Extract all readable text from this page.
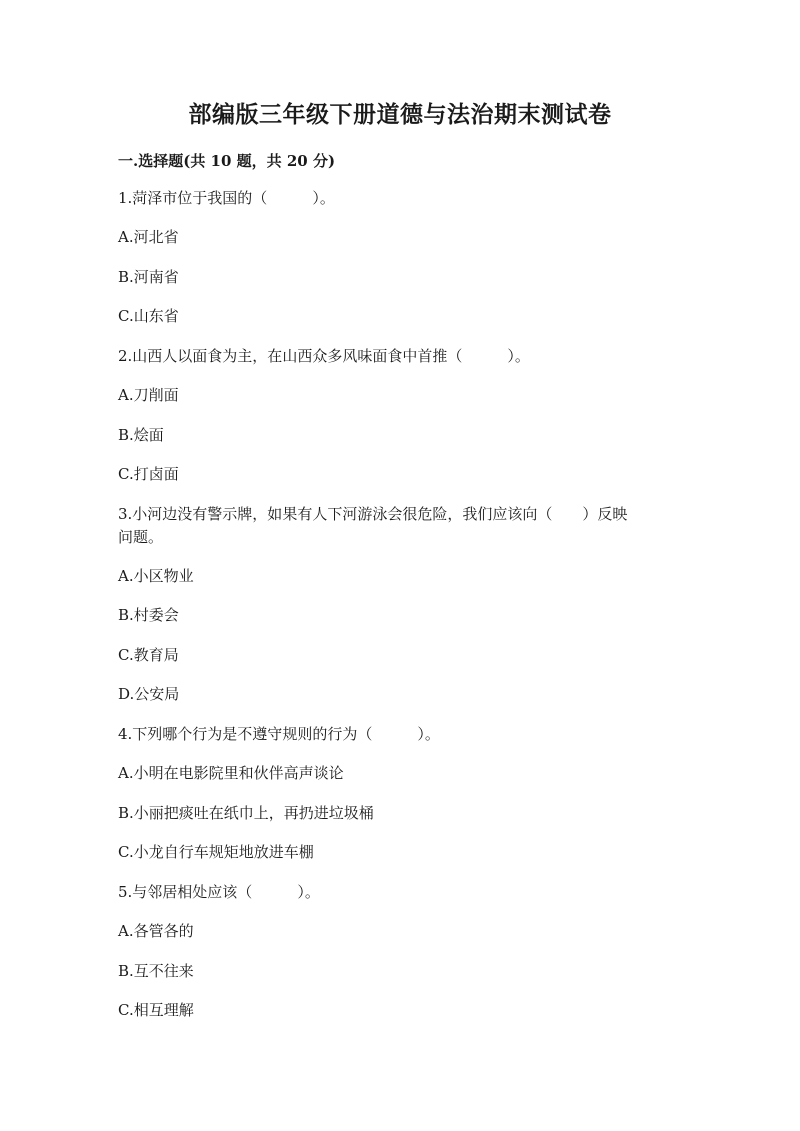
部编版三年级下册道德与法治期末测试卷
一.选择题(共 10 题，共 20 分)
1.菏泽市位于我国的（　　　）。
A.河北省
B.河南省
C.山东省
2.山西人以面食为主，在山西众多风味面食中首推（　　　）。
A.刀削面
B.烩面
C.打卤面
3.小河边没有警示牌，如果有人下河游泳会很危险，我们应该向（　　）反映
问题。
A.小区物业
B.村委会
C.教育局
D.公安局
4.下列哪个行为是不遵守规则的行为（　　　）。
A.小明在电影院里和伙伴高声谈论
B.小丽把痰吐在纸巾上，再扔进垃圾桶
C.小龙自行车规矩地放进车棚
5.与邻居相处应该（　　　）。
A.各管各的
B.互不往来
C.相互理解
